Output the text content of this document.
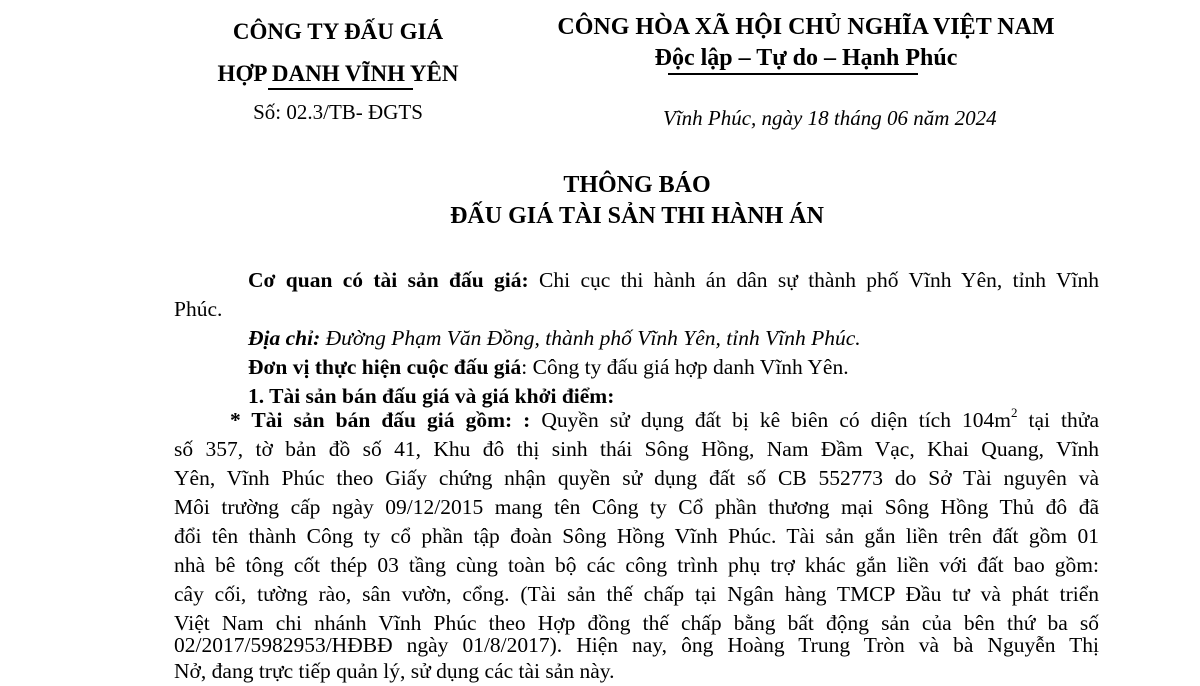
CÔNG TY ĐẤU GIÁ
HỢP DANH VĨNH YÊN
Số: 02.3/TB- ĐGTS
CÔNG HÒA XÃ HỘI CHỦ NGHĨA VIỆT NAM
Độc lập – Tự do – Hạnh Phúc
Vĩnh Phúc, ngày 18 tháng 06 năm 2024
THÔNG BÁO
ĐẤU GIÁ TÀI SẢN THI HÀNH ÁN
Cơ quan có tài sản đấu giá: Chi cục thi hành án dân sự thành phố Vĩnh Yên, tỉnh Vĩnh
Phúc.
Địa chỉ: Đường Phạm Văn Đồng, thành phố Vĩnh Yên, tỉnh Vĩnh Phúc.
Đơn vị thực hiện cuộc đấu giá: Công ty đấu giá hợp danh Vĩnh Yên.
1. Tài sản bán đấu giá và giá khởi điểm:
* Tài sản bán đấu giá gồm: : Quyền sử dụng đất bị kê biên có diện tích $104m^2$ tại thửa
số 357, tờ bản đồ số 41, Khu đô thị sinh thái Sông Hồng, Nam Đầm Vạc, Khai Quang, Vĩnh
Yên, Vĩnh Phúc theo Giấy chứng nhận quyền sử dụng đất số CB 552773 do Sở Tài nguyên và
Môi trường cấp ngày 09/12/2015 mang tên Công ty Cổ phần thương mại Sông Hồng Thủ đô đã
đổi tên thành Công ty cổ phần tập đoàn Sông Hồng Vĩnh Phúc. Tài sản gắn liền trên đất gồm 01
nhà bê tông cốt thép 03 tầng cùng toàn bộ các công trình phụ trợ khác gắn liền với đất bao gồm:
cây cối, tường rào, sân vườn, cổng. (Tài sản thế chấp tại Ngân hàng TMCP Đầu tư và phát triển
Việt Nam chi nhánh Vĩnh Phúc theo Hợp đồng thế chấp bằng bất động sản của bên thứ ba số
02/2017/5982953/HĐBĐ ngày 01/8/2017). Hiện nay, ông Hoàng Trung Tròn và bà Nguyễn Thị
Nở, đang trực tiếp quản lý, sử dụng các tài sản này.
